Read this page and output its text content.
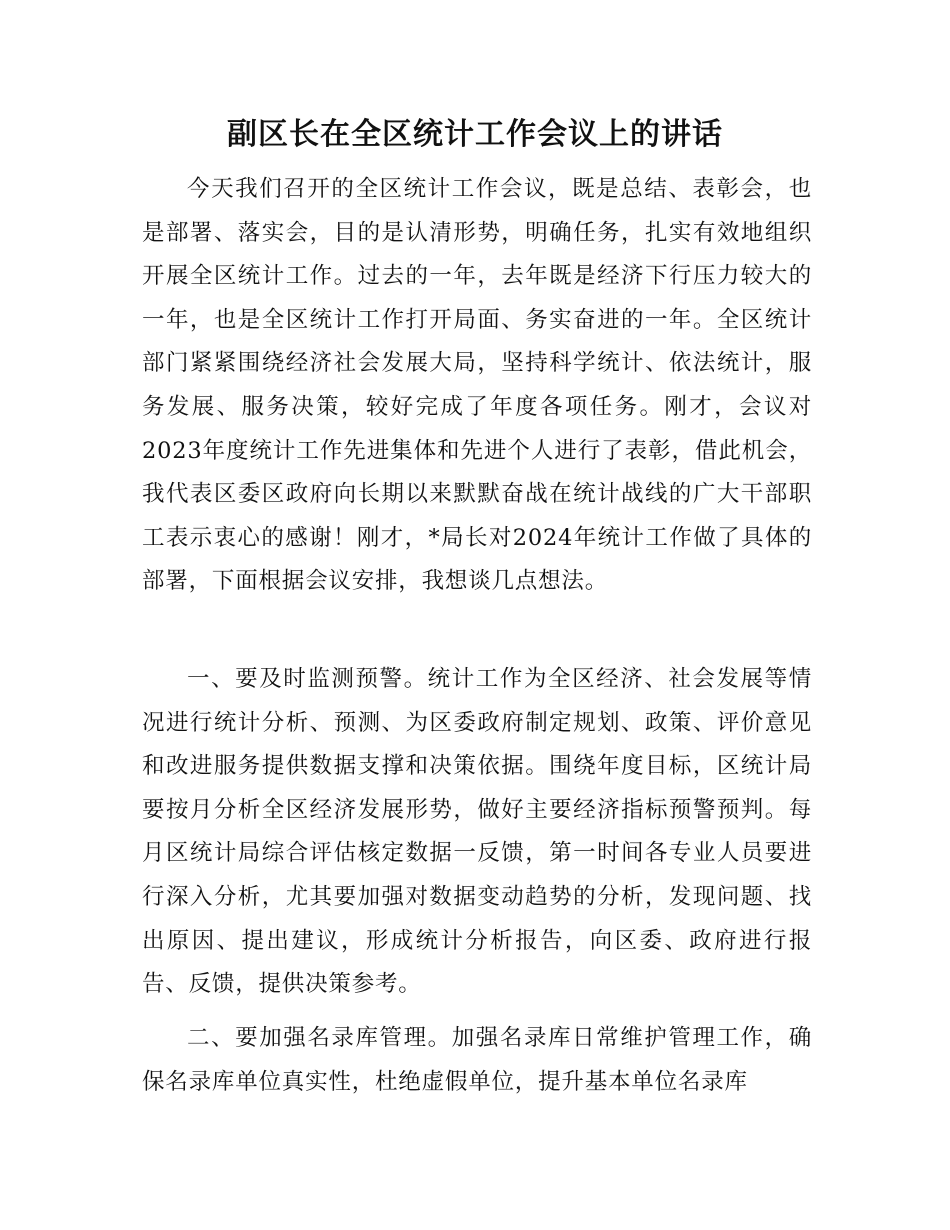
副区长在全区统计工作会议上的讲话

今天我们召开的全区统计工作会议，既是总结、表彰会，也是部署、落实会，目的是认清形势，明确任务，扎实有效地组织开展全区统计工作。过去的一年，去年既是经济下行压力较大的一年，也是全区统计工作打开局面、务实奋进的一年。全区统计部门紧紧围绕经济社会发展大局，坚持科学统计、依法统计，服务发展、服务决策，较好完成了年度各项任务。刚才，会议对2023年度统计工作先进集体和先进个人进行了表彰，借此机会，我代表区委区政府向长期以来默默奋战在统计战线的广大干部职工表示衷心的感谢！刚才，*局长对2024年统计工作做了具体的部署，下面根据会议安排，我想谈几点想法。

一、要及时监测预警。统计工作为全区经济、社会发展等情况进行统计分析、预测、为区委政府制定规划、政策、评价意见和改进服务提供数据支撑和决策依据。围绕年度目标，区统计局要按月分析全区经济发展形势，做好主要经济指标预警预判。每月区统计局综合评估核定数据一反馈，第一时间各专业人员要进行深入分析，尤其要加强对数据变动趋势的分析，发现问题、找出原因、提出建议，形成统计分析报告，向区委、政府进行报告、反馈，提供决策参考。

二、要加强名录库管理。加强名录库日常维护管理工作，确保名录库单位真实性，杜绝虚假单位，提升基本单位名录库
